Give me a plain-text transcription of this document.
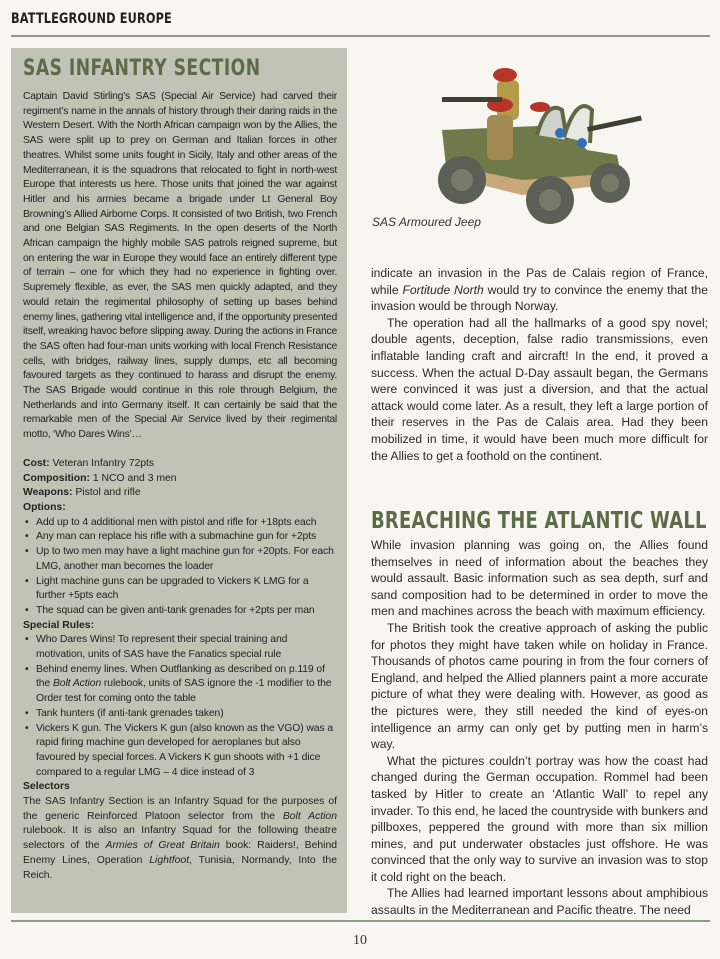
BATTLEGROUND EUROPE
SAS INFANTRY SECTION

Captain David Stirling’s SAS (Special Air Service) had carved their regiment’s name in the annals of history through their daring raids in the Western Desert. With the North African campaign won by the Allies, the SAS were split up to prey on German and Italian forces in other theatres. Whilst some units fought in Sicily, Italy and other areas of the Mediterranean, it is the squadrons that relocated to fight in north-west Europe that interests us here. Those units that joined the war against Hitler and his armies became a brigade under Lt General Boy Browning’s Allied Airborne Corps. It consisted of two British, two French and one Belgian SAS Regiments. In the open deserts of the North African campaign the highly mobile SAS patrols reigned supreme, but on entering the war in Europe they would face an entirely different type of terrain – one for which they had no experience in fighting over. Supremely flexible, as ever, the SAS men quickly adapted, and they would retain the regimental philosophy of setting up bases behind enemy lines, gathering vital intelligence and, if the opportunity presented itself, wreaking havoc before slipping away. During the actions in France the SAS often had four-man units working with local French Resistance cells, with bridges, railway lines, supply dumps, etc all becoming favoured targets as they continued to harass and disrupt the enemy. The SAS Brigade would continue in this role through Belgium, the Netherlands and into Germany itself. It can certainly be said that the remarkable men of the Special Air Service lived by their regimental motto, ‘Who Dares Wins’…

Cost: Veteran Infantry 72pts

Composition: 1 NCO and 3 men

Weapons: Pistol and rifle

Options:

• Add up to 4 additional men with pistol and rifle for +18pts each
• Any man can replace his rifle with a submachine gun for +2pts
• Up to two men may have a light machine gun for +20pts. For each LMG, another man becomes the loader
• Light machine guns can be upgraded to Vickers K LMG for a further +5pts each
• The squad can be given anti-tank grenades for +2pts per man

Special Rules:

• Who Dares Wins! To represent their special training and motivation, units of SAS have the Fanatics special rule
• Behind enemy lines. When Outflanking as described on p.119 of the Bolt Action rulebook, units of SAS ignore the -1 modifier to the Order test for coming onto the table
• Tank hunters (if anti-tank grenades taken)
• Vickers K gun. The Vickers K gun (also known as the VGO) was a rapid firing machine gun developed for aeroplanes but also favoured by special forces. A Vickers K gun shoots with +1 dice compared to a regular LMG – 4 dice instead of 3

Selectors

The SAS Infantry Section is an Infantry Squad for the purposes of the generic Reinforced Platoon selector from the Bolt Action rulebook. It is also an Infantry Squad for the following theatre selectors of the Armies of Great Britain book: Raiders!, Behind Enemy Lines, Operation Lightfoot, Tunisia, Normandy, Into the Reich.

SAS Armoured Jeep

indicate an invasion in the Pas de Calais region of France, while Fortitude North would try to convince the enemy that the invasion would be through Norway.

The operation had all the hallmarks of a good spy novel; double agents, deception, false radio transmissions, even inflatable landing craft and aircraft! In the end, it proved a success. When the actual D-Day assault began, the Germans were convinced it was just a diversion, and that the actual attack would come later. As a result, they left a large portion of their reserves in the Pas de Calais area. Had they been mobilized in time, it would have been much more difficult for the Allies to get a foothold on the continent.

BREACHING THE ATLANTIC WALL

While invasion planning was going on, the Allies found themselves in need of information about the beaches they would assault. Basic information such as sea depth, surf and sand composition had to be determined in order to move the men and machines across the beach with maximum efficiency.

The British took the creative approach of asking the public for photos they might have taken while on holiday in France. Thousands of photos came pouring in from the four corners of England, and helped the Allied planners paint a more accurate picture of what they were dealing with. However, as good as the pictures were, they still needed the kind of eyes-on intelligence an army can only get by putting men in harm’s way.

What the pictures couldn’t portray was how the coast had changed during the German occupation. Rommel had been tasked by Hitler to create an ‘Atlantic Wall’ to repel any invader. To this end, he laced the countryside with bunkers and pillboxes, peppered the ground with more than six million mines, and put underwater obstacles just offshore. He was convinced that the only way to survive an invasion was to stop it cold right on the beach.

The Allies had learned important lessons about amphibious assaults in the Mediterranean and Pacific theatre. The need

10
